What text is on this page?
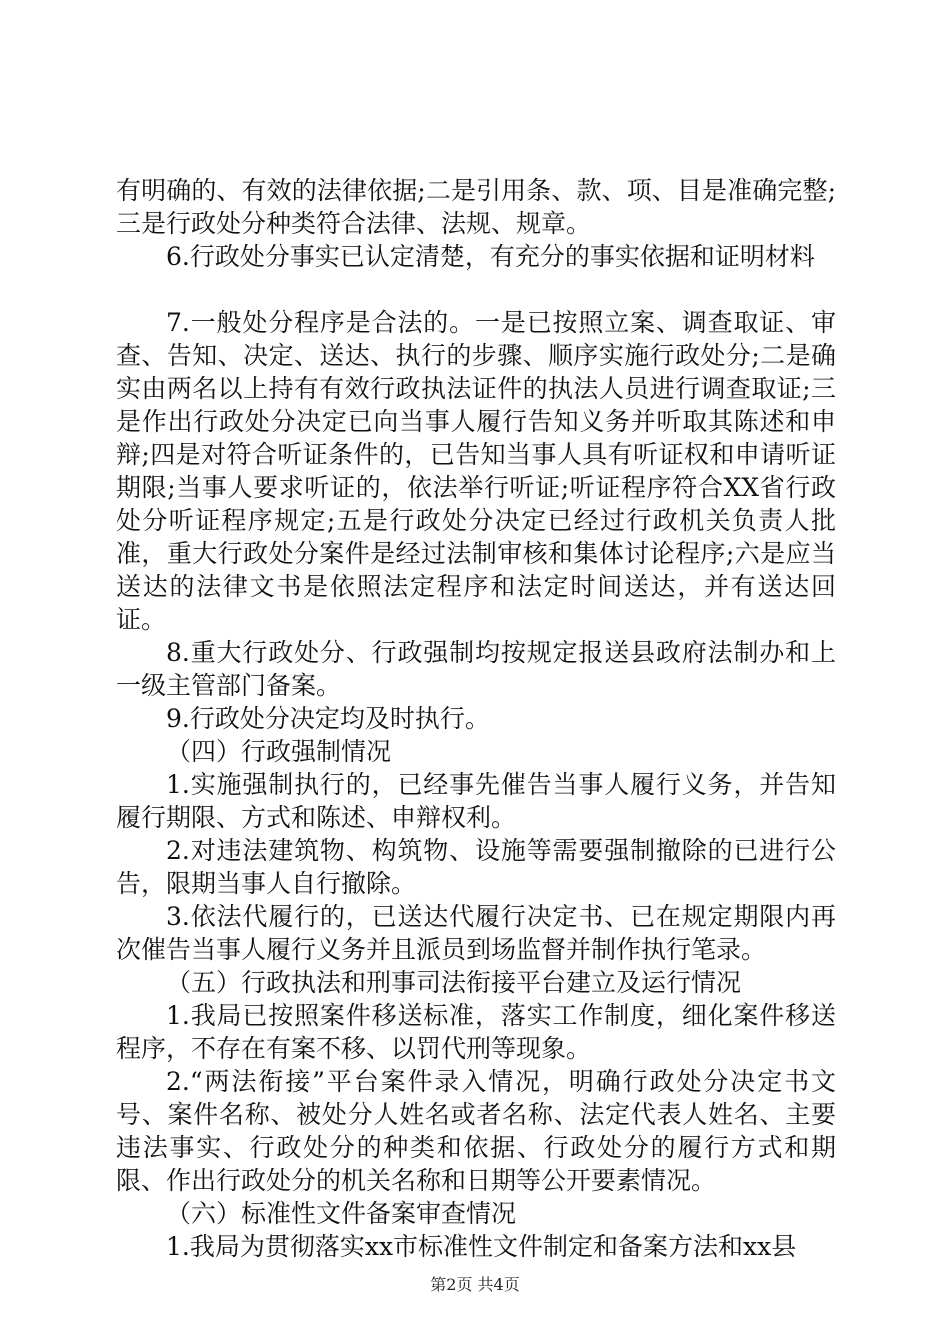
有明确的、有效的法律依据;二是引用条、款、项、目是准确完整;三是行政处分种类符合法律、法规、规章。

6.行政处分事实已认定清楚，有充分的事实依据和证明材料

7.一般处分程序是合法的。一是已按照立案、调查取证、审查、告知、决定、送达、执行的步骤、顺序实施行政处分;二是确实由两名以上持有有效行政执法证件的执法人员进行调查取证;三是作出行政处分决定已向当事人履行告知义务并听取其陈述和申辩;四是对符合听证条件的，已告知当事人具有听证权和申请听证期限;当事人要求听证的，依法举行听证;听证程序符合XX省行政处分听证程序规定;五是行政处分决定已经过行政机关负责人批准，重大行政处分案件是经过法制审核和集体讨论程序;六是应当送达的法律文书是依照法定程序和法定时间送达，并有送达回证。

8.重大行政处分、行政强制均按规定报送县政府法制办和上一级主管部门备案。

9.行政处分决定均及时执行。

（四）行政强制情况

1.实施强制执行的，已经事先催告当事人履行义务，并告知履行期限、方式和陈述、申辩权利。

2.对违法建筑物、构筑物、设施等需要强制撤除的已进行公告，限期当事人自行撤除。

3.依法代履行的，已送达代履行决定书、已在规定期限内再次催告当事人履行义务并且派员到场监督并制作执行笔录。

（五）行政执法和刑事司法衔接平台建立及运行情况

1.我局已按照案件移送标准，落实工作制度，细化案件移送程序，不存在有案不移、以罚代刑等现象。

2.“两法衔接”平台案件录入情况，明确行政处分决定书文号、案件名称、被处分人姓名或者名称、法定代表人姓名、主要违法事实、行政处分的种类和依据、行政处分的履行方式和期限、作出行政处分的机关名称和日期等公开要素情况。

（六）标准性文件备案审查情况

1.我局为贯彻落实xx市标准性文件制定和备案方法和xx县

第2页 共4页
